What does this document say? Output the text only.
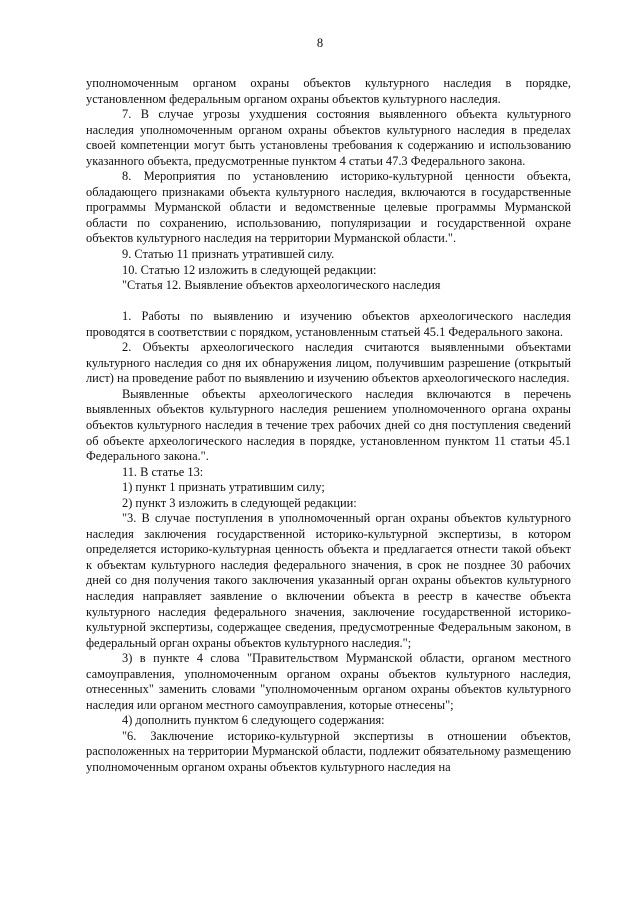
8

уполномоченным органом охраны объектов культурного наследия в порядке, установленном федеральным органом охраны объектов культурного наследия.

7. В случае угрозы ухудшения состояния выявленного объекта культурного наследия уполномоченным органом охраны объектов культурного наследия в пределах своей компетенции могут быть установлены требования к содержанию и использованию указанного объекта, предусмотренные пунктом 4 статьи 47.3 Федерального закона.

8. Мероприятия по установлению историко-культурной ценности объекта, обладающего признаками объекта культурного наследия, включаются в государственные программы Мурманской области и ведомственные целевые программы Мурманской области по сохранению, использованию, популяризации и государственной охране объектов культурного наследия на территории Мурманской области.".

9. Статью 11 признать утратившей силу.

10. Статью 12 изложить в следующей редакции:

"Статья 12. Выявление объектов археологического наследия

1. Работы по выявлению и изучению объектов археологического наследия проводятся в соответствии с порядком, установленным статьей 45.1 Федерального закона.

2. Объекты археологического наследия считаются выявленными объектами культурного наследия со дня их обнаружения лицом, получившим разрешение (открытый лист) на проведение работ по выявлению и изучению объектов археологического наследия.

Выявленные объекты археологического наследия включаются в перечень выявленных объектов культурного наследия решением уполномоченного органа охраны объектов культурного наследия в течение трех рабочих дней со дня поступления сведений об объекте археологического наследия в порядке, установленном пунктом 11 статьи 45.1 Федерального закона.".

11. В статье 13:

1) пункт 1 признать утратившим силу;

2) пункт 3 изложить в следующей редакции:

"3. В случае поступления в уполномоченный орган охраны объектов культурного наследия заключения государственной историко-культурной экспертизы, в котором определяется историко-культурная ценность объекта и предлагается отнести такой объект к объектам культурного наследия федерального значения, в срок не позднее 30 рабочих дней со дня получения такого заключения указанный орган охраны объектов культурного наследия направляет заявление о включении объекта в реестр в качестве объекта культурного наследия федерального значения, заключение государственной историко-культурной экспертизы, содержащее сведения, предусмотренные Федеральным законом, в федеральный орган охраны объектов культурного наследия.";

3) в пункте 4 слова "Правительством Мурманской области, органом местного самоуправления, уполномоченным органом охраны объектов культурного наследия, отнесенных" заменить словами "уполномоченным органом охраны объектов культурного наследия или органом местного самоуправления, которые отнесены";

4) дополнить пунктом 6 следующего содержания:

"6. Заключение историко-культурной экспертизы в отношении объектов, расположенных на территории Мурманской области, подлежит обязательному размещению уполномоченным органом охраны объектов культурного наследия на
